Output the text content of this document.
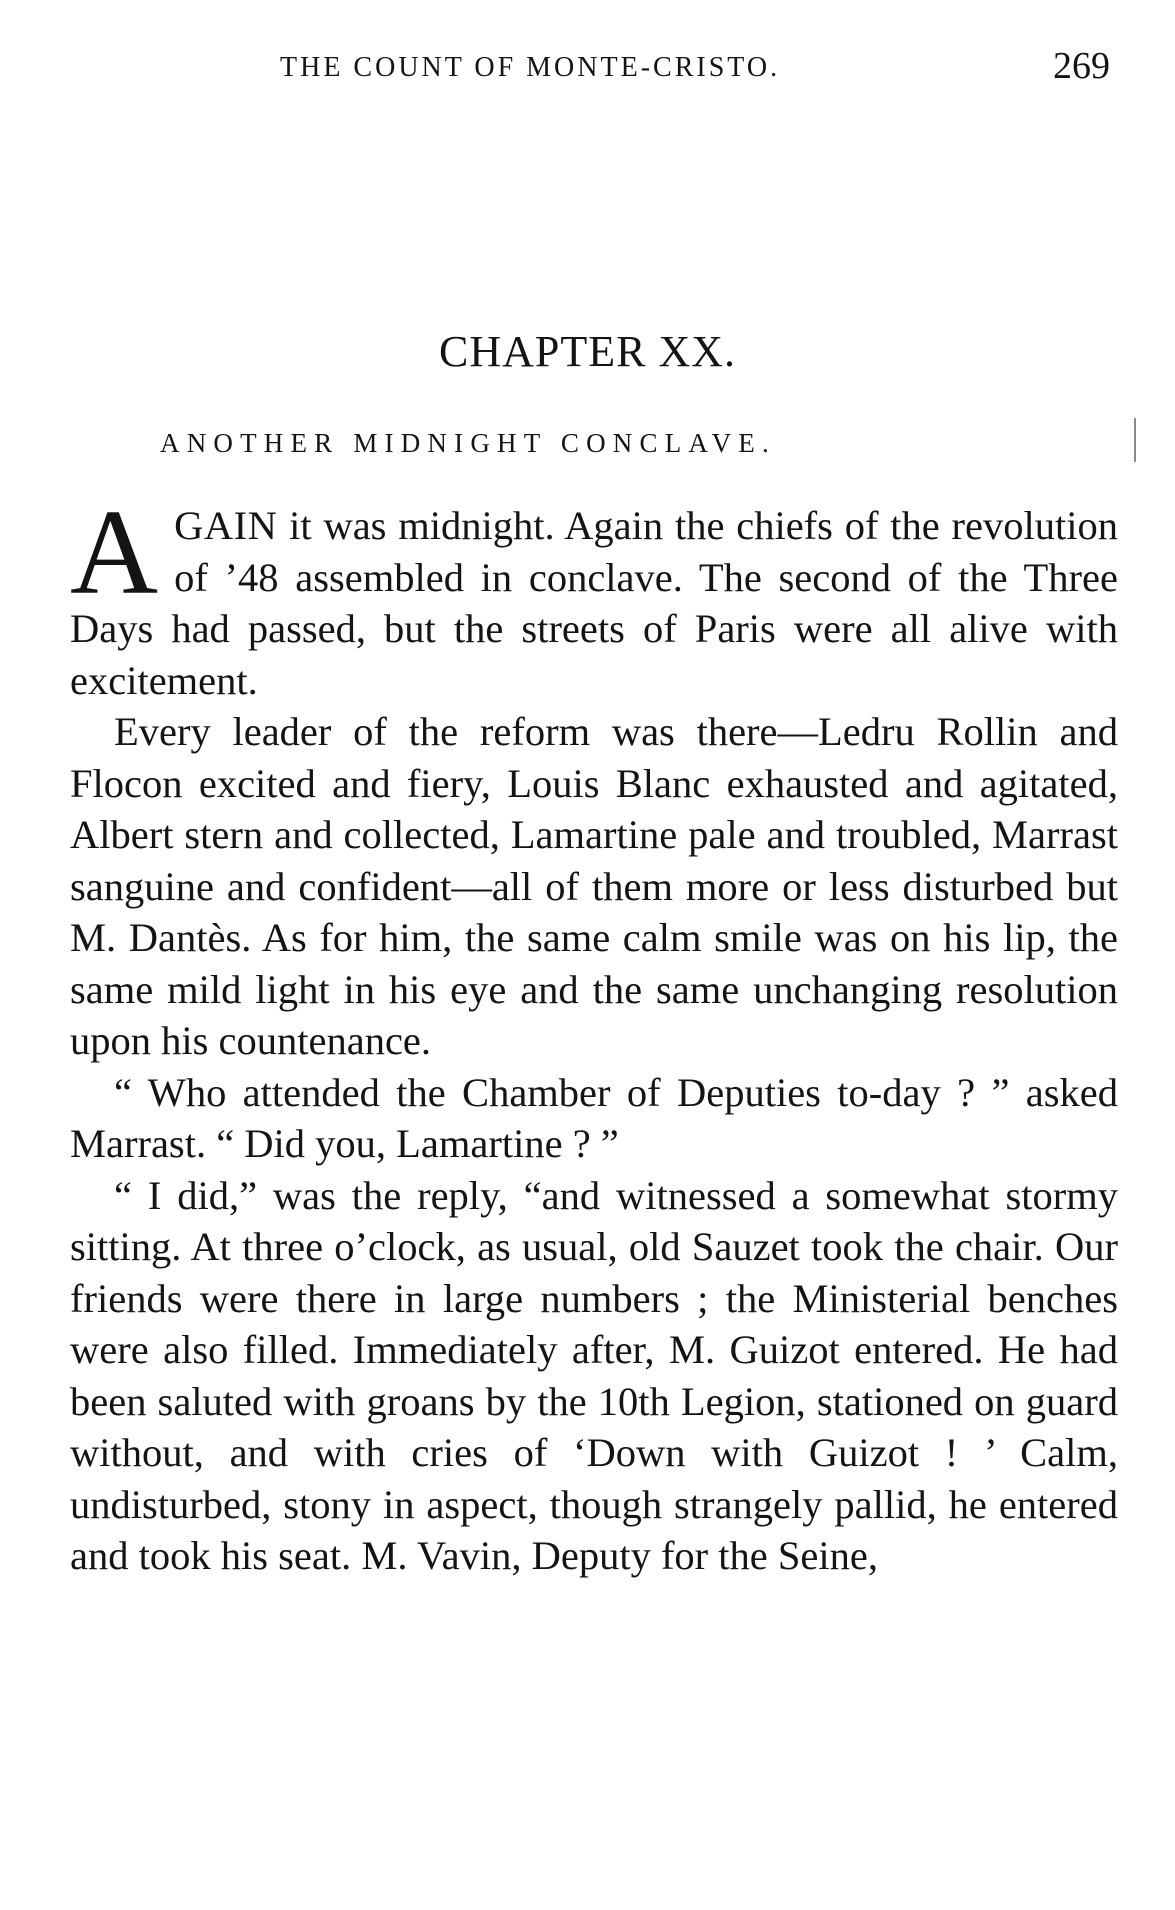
THE COUNT OF MONTE-CRISTO.	269
CHAPTER XX.
ANOTHER MIDNIGHT CONCLAVE.

AGAIN it was midnight. Again the chiefs of the revolution of ’48 assembled in conclave. The second of the Three Days had passed, but the streets of Paris were all alive with excitement.

Every leader of the reform was there—Ledru Rollin and Flocon excited and fiery, Louis Blanc exhausted and agitated, Albert stern and collected, Lamartine pale and troubled, Marrast sanguine and confident—all of them more or less disturbed but M. Dantès. As for him, the same calm smile was on his lip, the same mild light in his eye and the same unchanging resolution upon his countenance.

“ Who attended the Chamber of Deputies to-day ? ” asked Marrast. “ Did you, Lamartine ? ”

“ I did,” was the reply, “and witnessed a somewhat stormy sitting. At three o’clock, as usual, old Sauzet took the chair. Our friends were there in large numbers ; the Ministerial benches were also filled. Immediately after, M. Guizot entered. He had been saluted with groans by the 10th Legion, stationed on guard without, and with cries of ‘Down with Guizot ! ’ Calm, undisturbed, stony in aspect, though strangely pallid, he entered and took his seat. M. Vavin, Deputy for the Seine,
